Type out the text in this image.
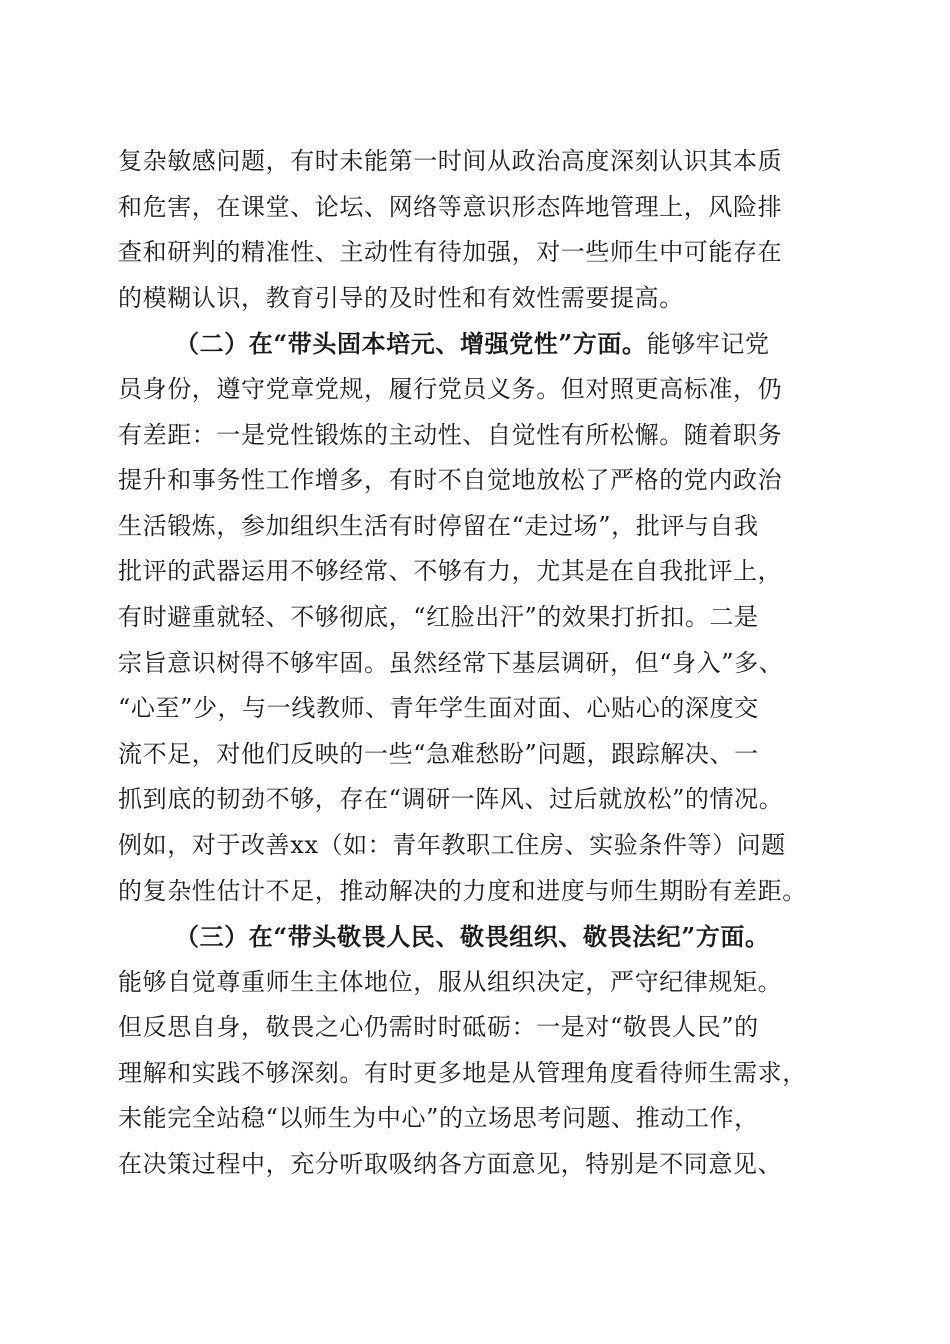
复杂敏感问题，有时未能第一时间从政治高度深刻认识其本质
和危害，在课堂、论坛、网络等意识形态阵地管理上，风险排
查和研判的精准性、主动性有待加强，对一些师生中可能存在
的模糊认识，教育引导的及时性和有效性需要提高。
（二）在“带头固本培元、增强党性”方面。能够牢记党
员身份，遵守党章党规，履行党员义务。但对照更高标准，仍
有差距：一是党性锻炼的主动性、自觉性有所松懈。随着职务
提升和事务性工作增多，有时不自觉地放松了严格的党内政治
生活锻炼，参加组织生活有时停留在“走过场”，批评与自我
批评的武器运用不够经常、不够有力，尤其是在自我批评上，
有时避重就轻、不够彻底，“红脸出汗”的效果打折扣。二是
宗旨意识树得不够牢固。虽然经常下基层调研，但“身入”多、
“心至”少，与一线教师、青年学生面对面、心贴心的深度交
流不足，对他们反映的一些“急难愁盼”问题，跟踪解决、一
抓到底的韧劲不够，存在“调研一阵风、过后就放松”的情况。
例如，对于改善xx（如：青年教职工住房、实验条件等）问题
的复杂性估计不足，推动解决的力度和进度与师生期盼有差距。
（三）在“带头敬畏人民、敬畏组织、敬畏法纪”方面。
能够自觉尊重师生主体地位，服从组织决定，严守纪律规矩。
但反思自身，敬畏之心仍需时时砥砺：一是对“敬畏人民”的
理解和实践不够深刻。有时更多地是从管理角度看待师生需求，
未能完全站稳“以师生为中心”的立场思考问题、推动工作，
在决策过程中，充分听取吸纳各方面意见，特别是不同意见、
